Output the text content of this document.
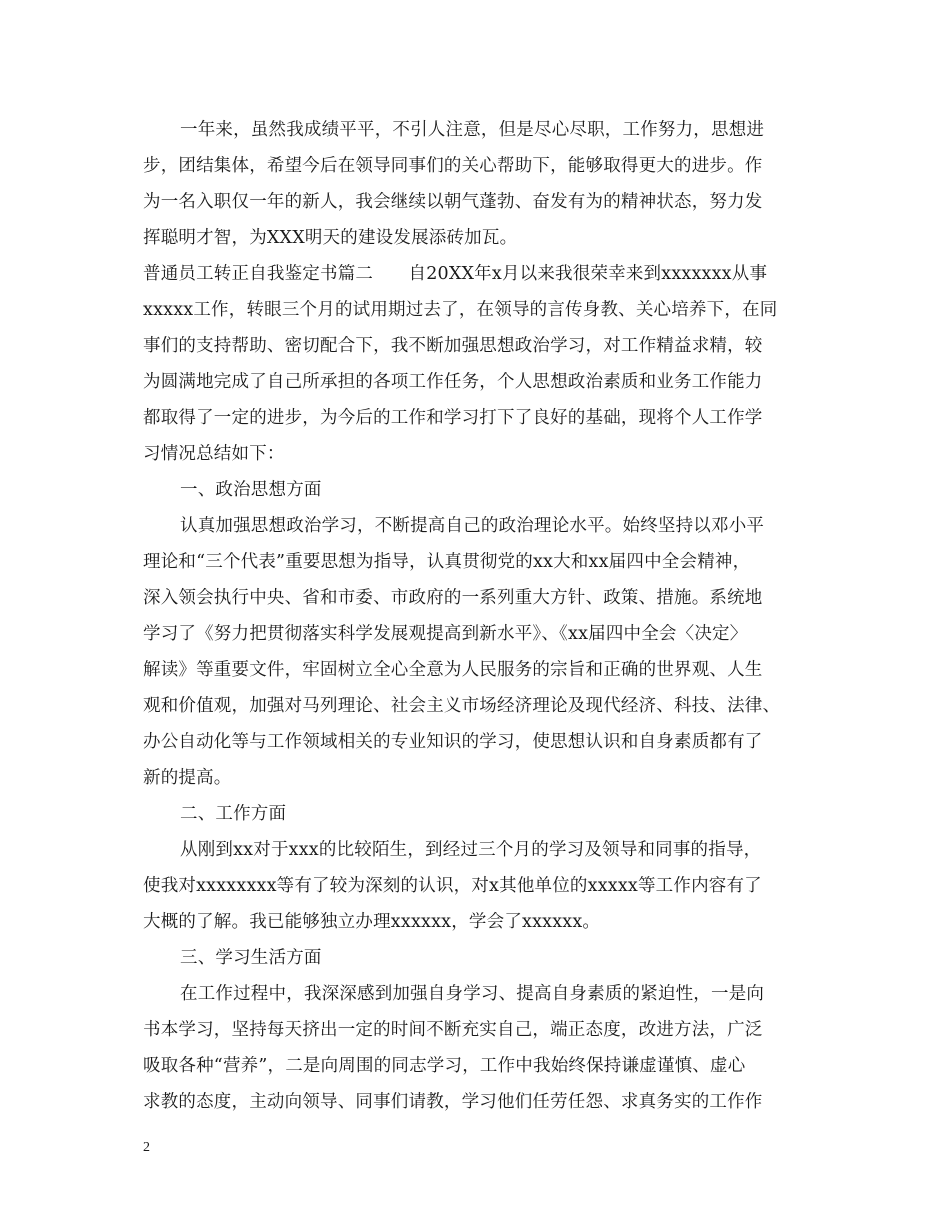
一年来，虽然我成绩平平，不引人注意，但是尽心尽职，工作努力，思想进
步，团结集体，希望今后在领导同事们的关心帮助下，能够取得更大的进步。作
为一名入职仅一年的新人，我会继续以朝气蓬勃、奋发有为的精神状态，努力发
挥聪明才智，为XXX明天的建设发展添砖加瓦。
普通员工转正自我鉴定书篇二　　自20XX年x月以来我很荣幸来到xxxxxxx从事
xxxxx工作，转眼三个月的试用期过去了，在领导的言传身教、关心培养下，在同
事们的支持帮助、密切配合下，我不断加强思想政治学习，对工作精益求精，较
为圆满地完成了自己所承担的各项工作任务，个人思想政治素质和业务工作能力
都取得了一定的进步，为今后的工作和学习打下了良好的基础，现将个人工作学
习情况总结如下：
一、政治思想方面
认真加强思想政治学习，不断提高自己的政治理论水平。始终坚持以邓小平
理论和“三个代表”重要思想为指导，认真贯彻党的xx大和xx届四中全会精神，
深入领会执行中央、省和市委、市政府的一系列重大方针、政策、措施。系统地
学习了《努力把贯彻落实科学发展观提高到新水平》、《xx届四中全会〈决定〉
解读》等重要文件，牢固树立全心全意为人民服务的宗旨和正确的世界观、人生
观和价值观，加强对马列理论、社会主义市场经济理论及现代经济、科技、法律、
办公自动化等与工作领域相关的专业知识的学习，使思想认识和自身素质都有了
新的提高。
二、工作方面
从刚到xx对于xxx的比较陌生，到经过三个月的学习及领导和同事的指导，
使我对xxxxxxxx等有了较为深刻的认识，对x其他单位的xxxxx等工作内容有了
大概的了解。我已能够独立办理xxxxxx，学会了xxxxxx。
三、学习生活方面
在工作过程中，我深深感到加强自身学习、提高自身素质的紧迫性，一是向
书本学习，坚持每天挤出一定的时间不断充实自己，端正态度，改进方法，广泛
吸取各种“营养”，二是向周围的同志学习，工作中我始终保持谦虚谨慎、虚心
求教的态度，主动向领导、同事们请教，学习他们任劳任怨、求真务实的工作作
2
